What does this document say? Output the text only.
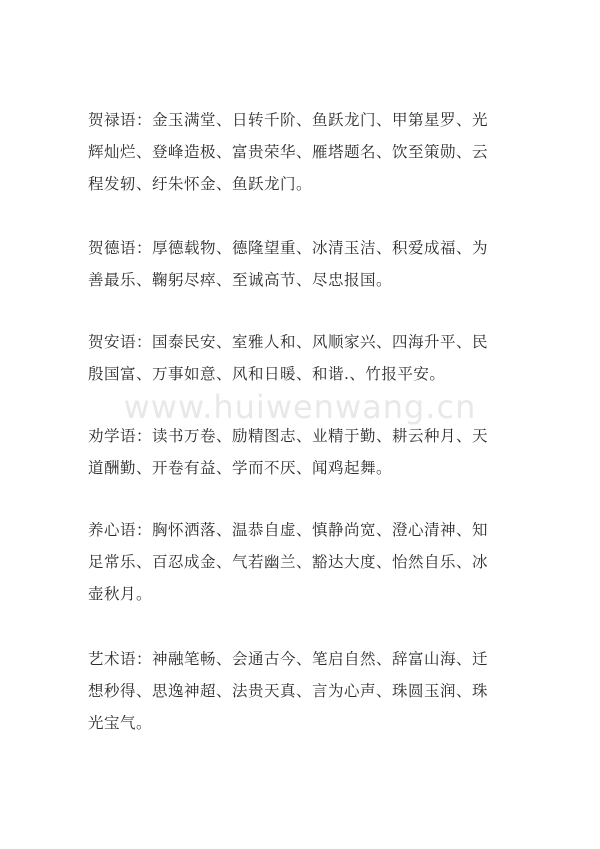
www.huiwenwang.cn

贺禄语：金玉满堂、日转千阶、鱼跃龙门、甲第星罗、光
辉灿烂、登峰造极、富贵荣华、雁塔题名、饮至策勋、云
程发轫、纡朱怀金、鱼跃龙门。

贺德语：厚德载物、德隆望重、冰清玉洁、积爱成福、为
善最乐、鞠躬尽瘁、至诚高节、尽忠报国。

贺安语：国泰民安、室雅人和、风顺家兴、四海升平、民
殷国富、万事如意、风和日暖、和谐.、竹报平安。

劝学语：读书万卷、励精图志、业精于勤、耕云种月、天
道酬勤、开卷有益、学而不厌、闻鸡起舞。

养心语：胸怀洒落、温恭自虚、慎静尚宽、澄心清神、知
足常乐、百忍成金、气若幽兰、豁达大度、怡然自乐、冰
壶秋月。

艺术语：神融笔畅、会通古今、笔启自然、辞富山海、迁
想秒得、思逸神超、法贵天真、言为心声、珠圆玉润、珠
光宝气。
